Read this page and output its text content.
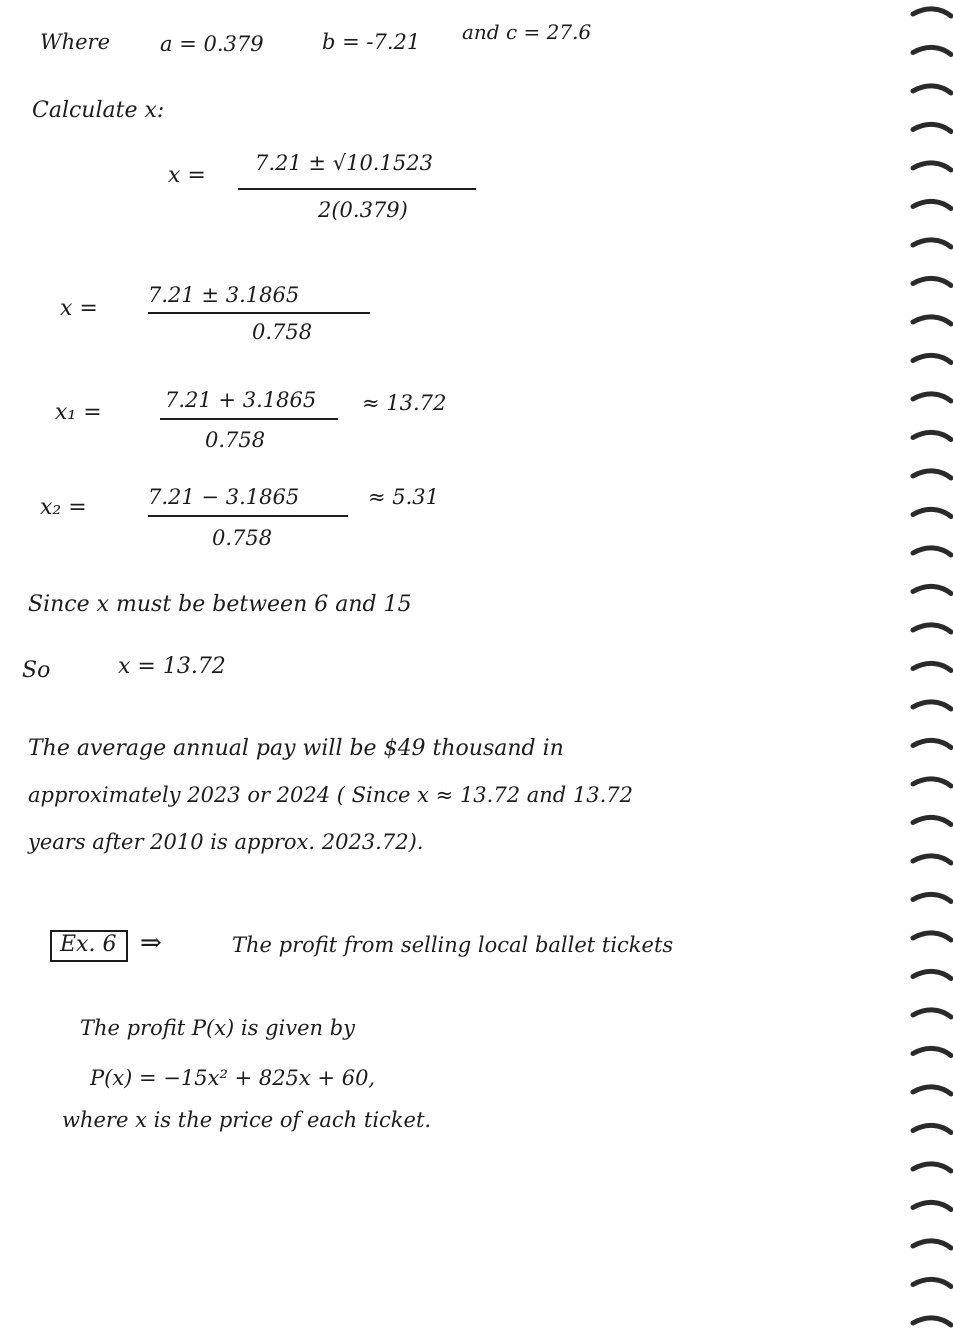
Where a = 0.379	b = -7.21 and c = 27.6
Calculate x:
x = 7.21 ± √10.1523
2(0.379)
x =
7.21 ± 3.1865
0.758
x₁ =	7.21 + 3.1865
0.758
≈ 13.72
x₂ =	7.21 − 3.1865
0.758
≈ 5.31
Since x must be between 6 and 15
So	x = 13.72
The average annual pay will be $49 thousand in
approximately 2023 or 2024 ( Since x ≈ 13.72 and 13.72
years after 2010 is approx. 2023.72).
Ex. 6 ⇒	The profit from selling local ballet tickets
The profit P(x) is given by
P(x) = −15x² + 825x + 60,
where x is the price of each ticket.
